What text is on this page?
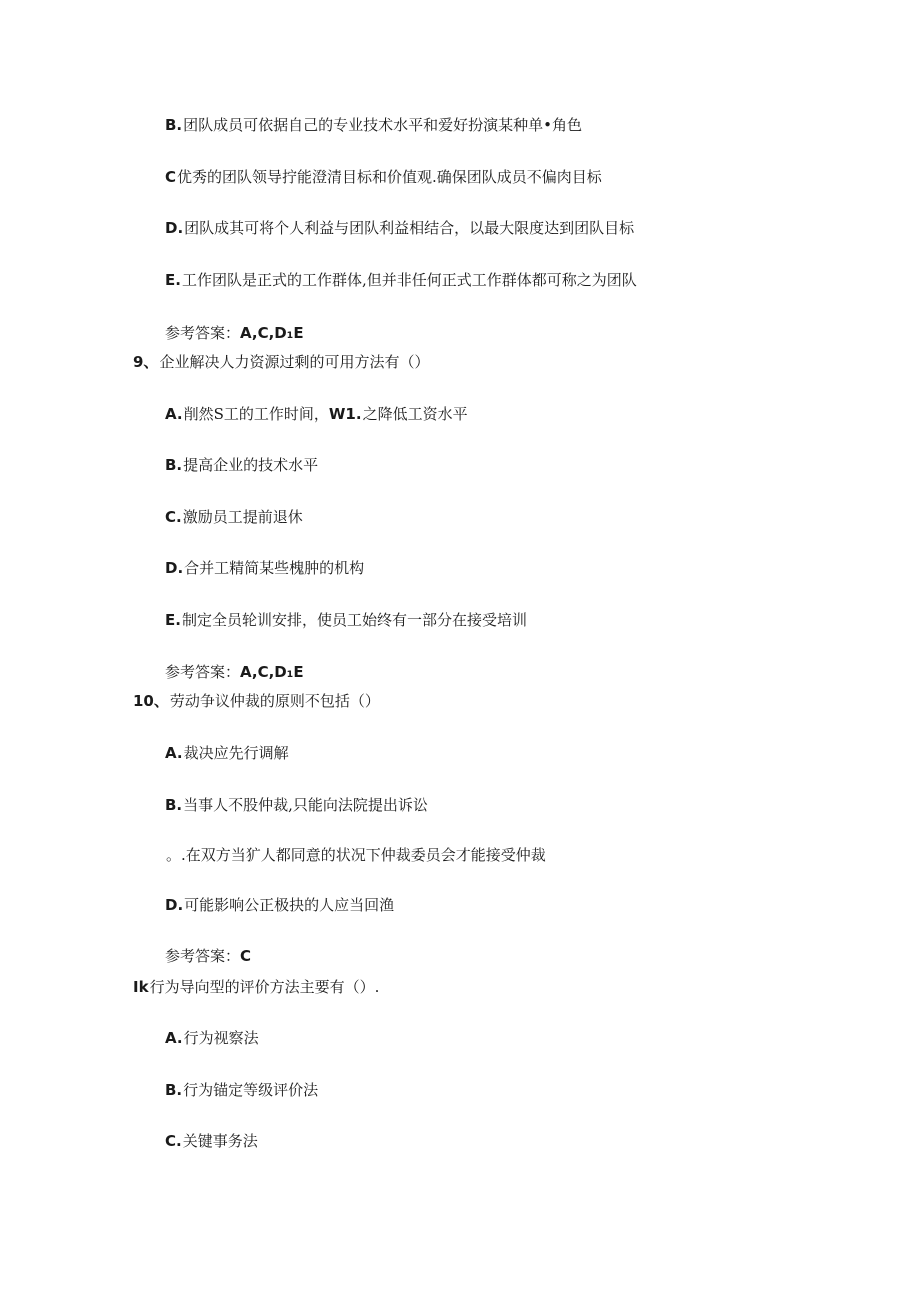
B.团队成员可依据自己的专业技术水平和爱好扮演某种单•角色
C优秀的团队领导拧能澄清目标和价值观.确保团队成员不偏肉目标
D.团队成其可将个人利益与团队利益相结合，以最大限度达到团队目标
E.工作团队是正式的工作群体,但并非任何正式工作群体都可称之为团队
参考答案：A,C,D₁E
9、企业解决人力资源过剩的可用方法有（）
A.削然S工的工作时间，W1.之降低工资水平
B.提高企业的技术水平
C.激励员工提前退休
D.合并工精简某些槐肿的机构
E.制定全员轮训安排，使员工始终有一部分在接受培训
参考答案：A,C,D₁E
10、劳动争议仲裁的原则不包括（）
A.裁决应先行调解
B.当事人不股仲裁,只能向法院提出诉讼
。.在双方当犷人都同意的状况下仲裁委员会才能接受仲裁
D.可能影响公正极抉的人应当回渔
参考答案：C
Ik行为导向型的评价方法主要有（）.
A.行为视察法
B.行为锚定等级评价法
C.关键事务法
